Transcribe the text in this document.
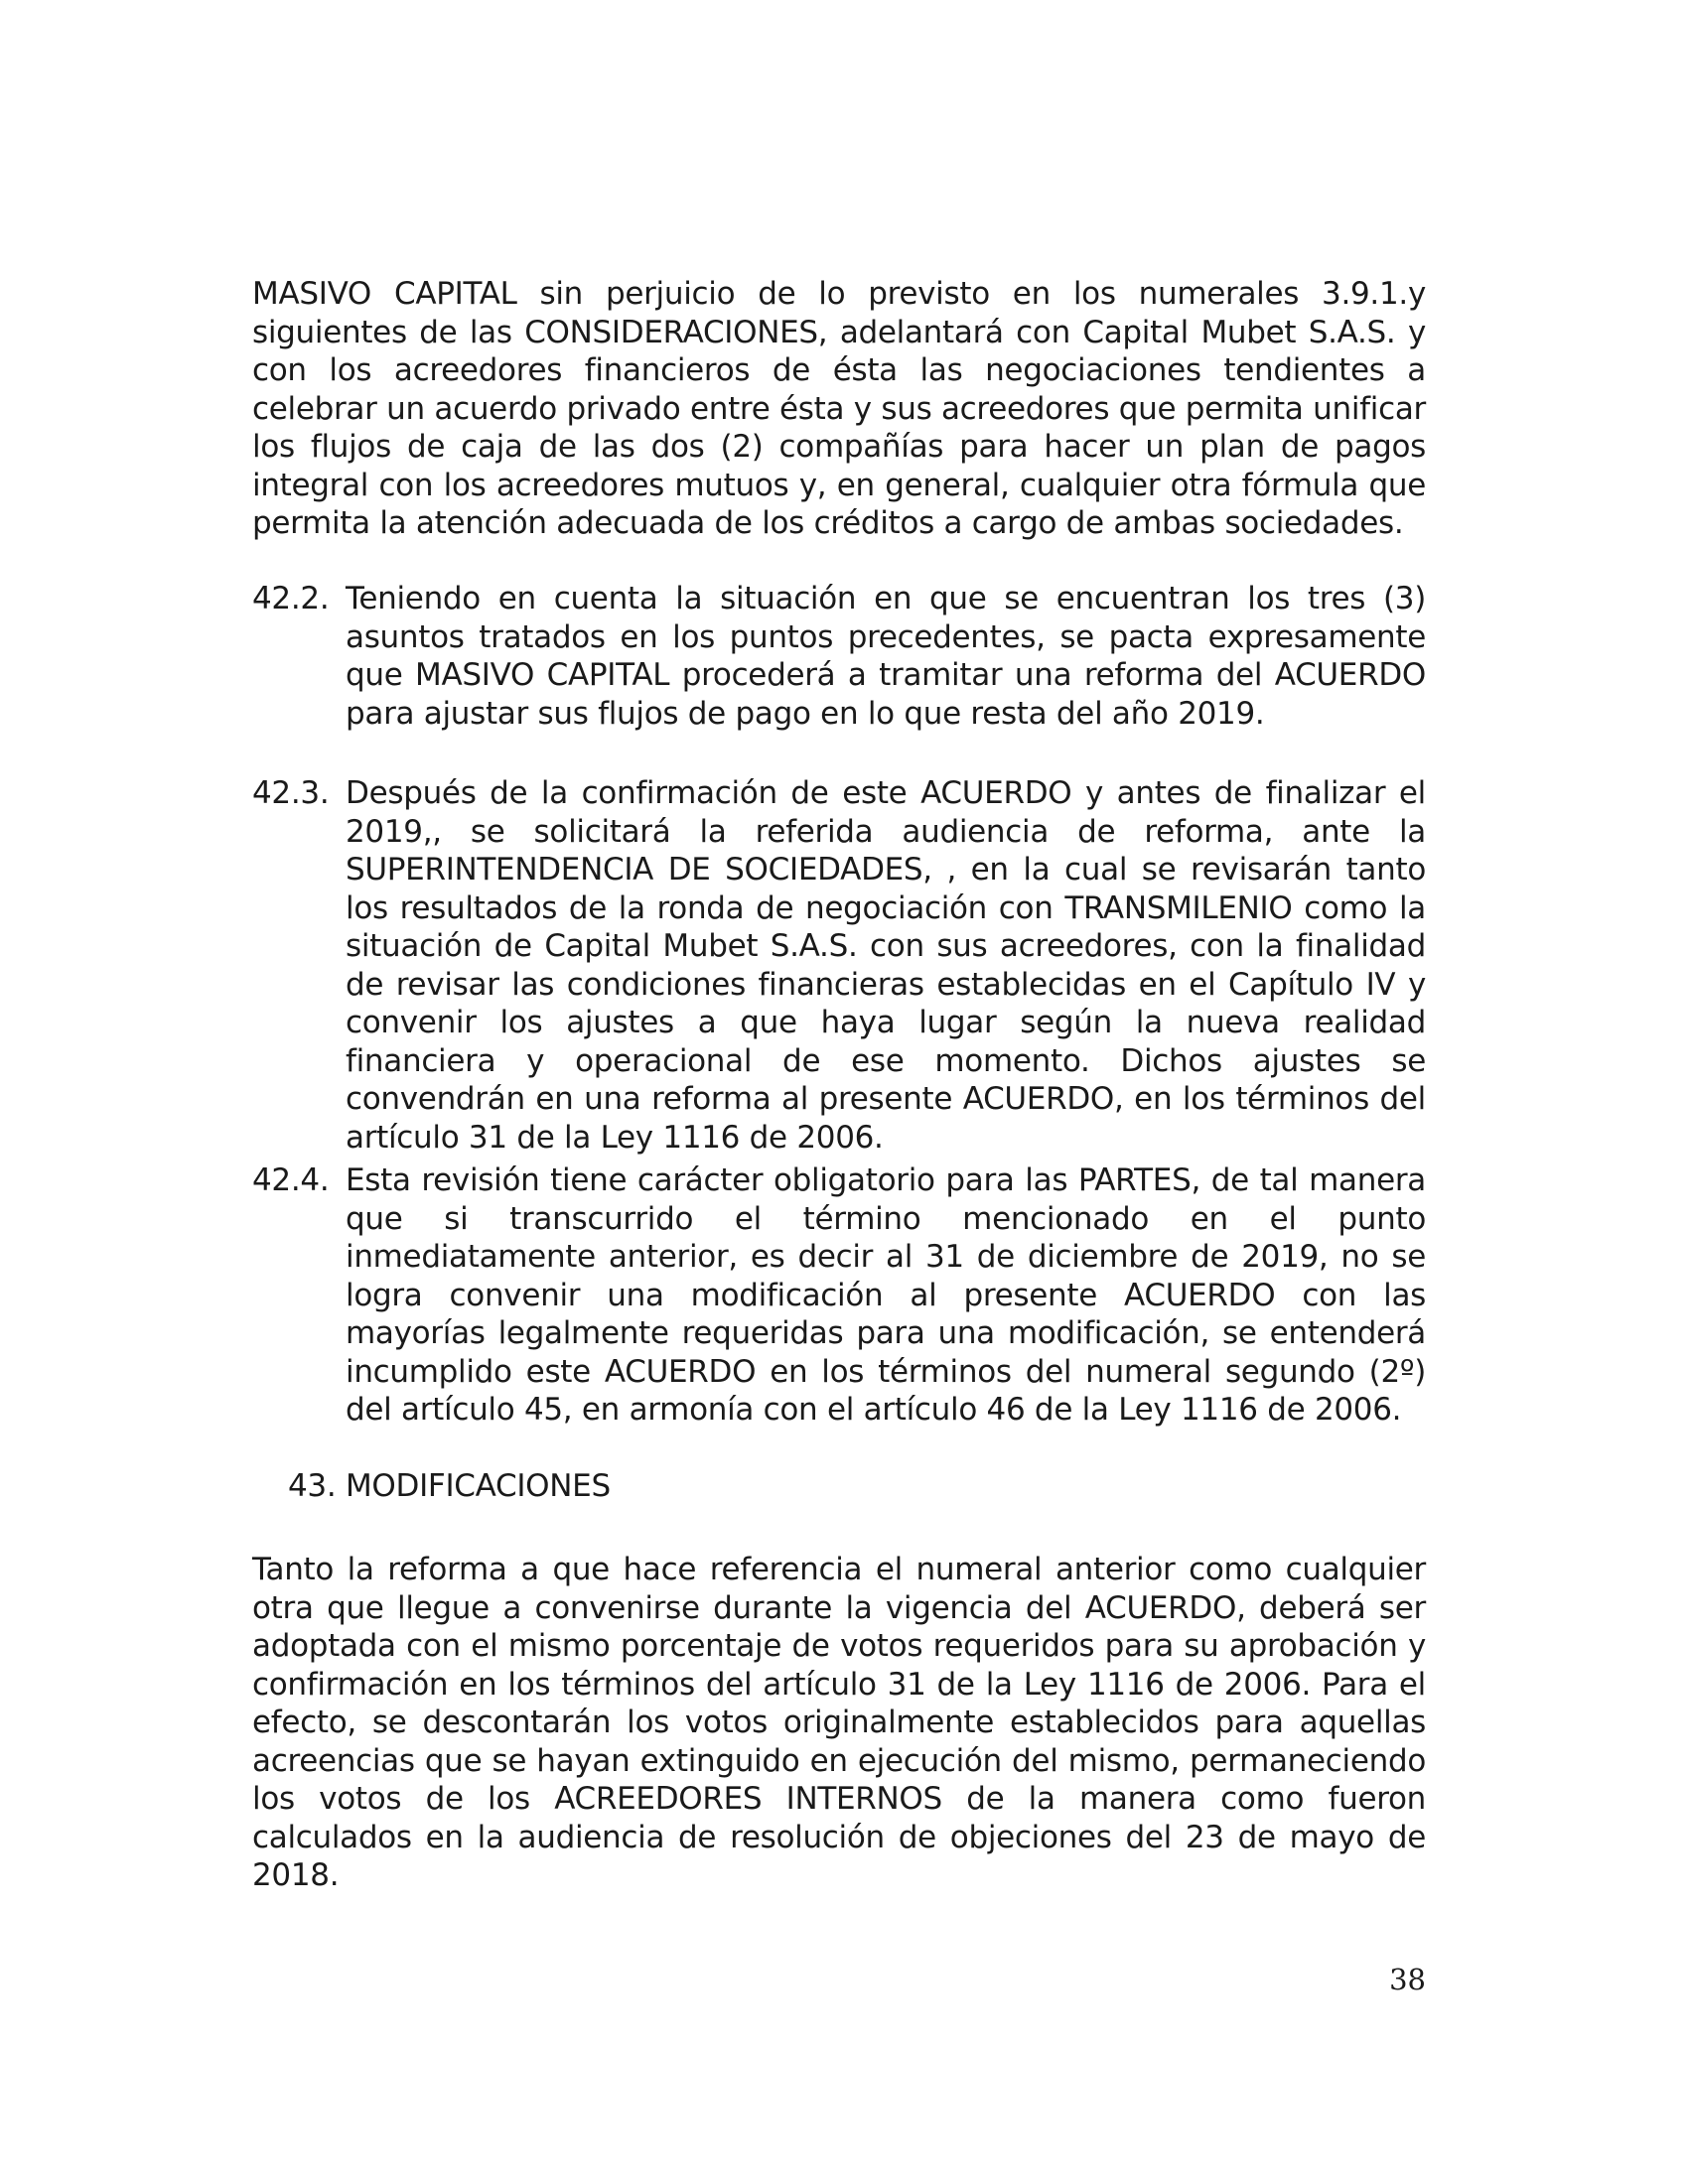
MASIVO CAPITAL sin perjuicio de lo previsto en los numerales 3.9.1.y siguientes de las CONSIDERACIONES, adelantará con Capital Mubet S.A.S. y con los acreedores financieros de ésta las negociaciones tendientes a celebrar un acuerdo privado entre ésta y sus acreedores que permita unificar los flujos de caja de las dos (2) compañías para hacer un plan de pagos integral con los acreedores mutuos y, en general, cualquier otra fórmula que permita la atención adecuada de los créditos a cargo de ambas sociedades.

42.2. Teniendo en cuenta la situación en que se encuentran los tres (3) asuntos tratados en los puntos precedentes, se pacta expresamente que MASIVO CAPITAL procederá a tramitar una reforma del ACUERDO para ajustar sus flujos de pago en lo que resta del año 2019.

42.3. Después de la confirmación de este ACUERDO y antes de finalizar el 2019,, se solicitará la referida audiencia de reforma, ante la SUPERINTENDENCIA DE SOCIEDADES, , en la cual se revisarán tanto los resultados de la ronda de negociación con TRANSMILENIO como la situación de Capital Mubet S.A.S. con sus acreedores, con la finalidad de revisar las condiciones financieras establecidas en el Capítulo IV y convenir los ajustes a que haya lugar según la nueva realidad financiera y operacional de ese momento. Dichos ajustes se convendrán en una reforma al presente ACUERDO, en los términos del artículo 31 de la Ley 1116 de 2006.

42.4. Esta revisión tiene carácter obligatorio para las PARTES, de tal manera que si transcurrido el término mencionado en el punto inmediatamente anterior, es decir al 31 de diciembre de 2019, no se logra convenir una modificación al presente ACUERDO con las mayorías legalmente requeridas para una modificación, se entenderá incumplido este ACUERDO en los términos del numeral segundo (2º) del artículo 45, en armonía con el artículo 46 de la Ley 1116 de 2006.

43. MODIFICACIONES

Tanto la reforma a que hace referencia el numeral anterior como cualquier otra que llegue a convenirse durante la vigencia del ACUERDO, deberá ser adoptada con el mismo porcentaje de votos requeridos para su aprobación y confirmación en los términos del artículo 31 de la Ley 1116 de 2006. Para el efecto, se descontarán los votos originalmente establecidos para aquellas acreencias que se hayan extinguido en ejecución del mismo, permaneciendo los votos de los ACREEDORES INTERNOS de la manera como fueron calculados en la audiencia de resolución de objeciones del 23 de mayo de 2018.

38
